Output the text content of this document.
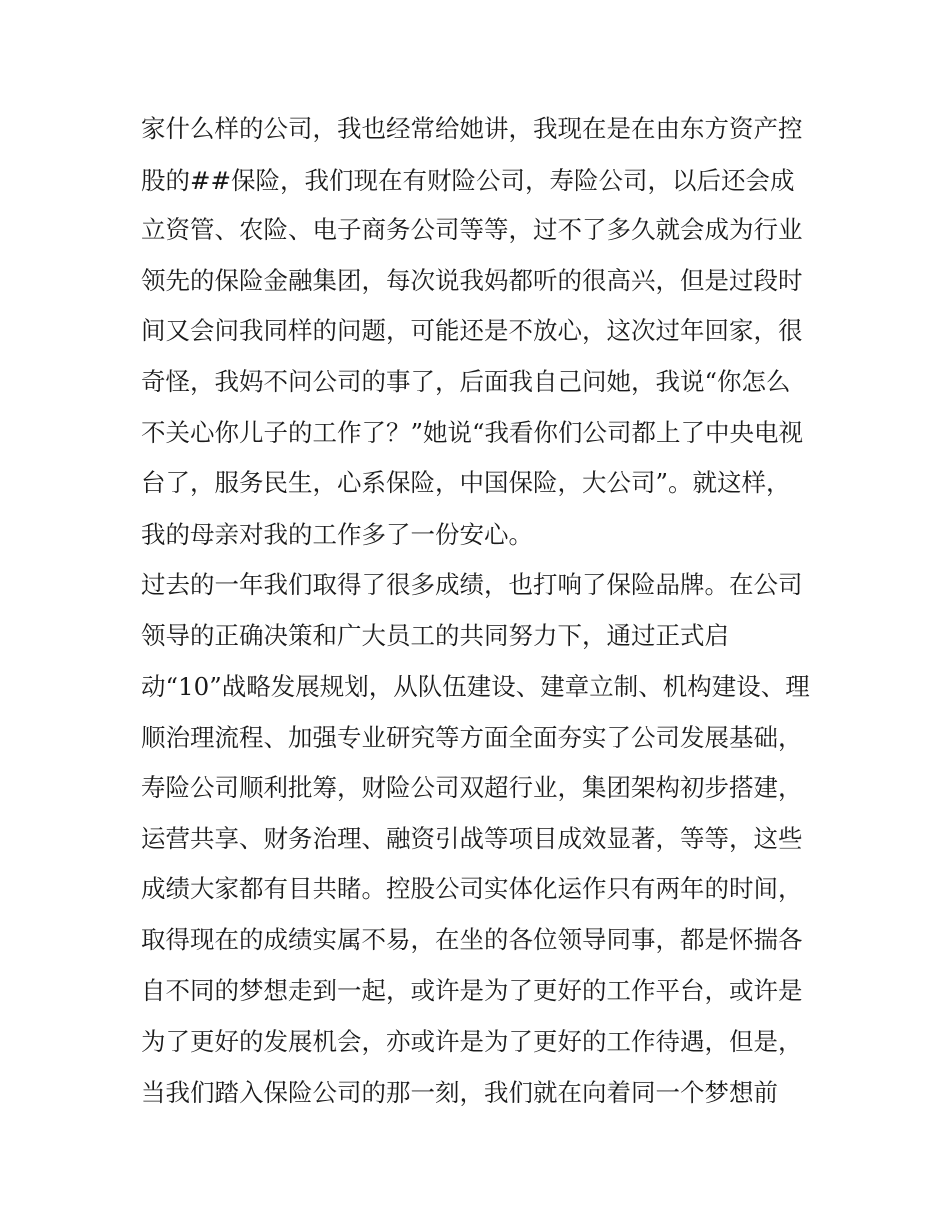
家什么样的公司，我也经常给她讲，我现在是在由东方资产控
股的##保险，我们现在有财险公司，寿险公司，以后还会成
立资管、农险、电子商务公司等等，过不了多久就会成为行业
领先的保险金融集团，每次说我妈都听的很高兴，但是过段时
间又会问我同样的问题，可能还是不放心，这次过年回家，很
奇怪，我妈不问公司的事了，后面我自己问她，我说“你怎么
不关心你儿子的工作了？”她说“我看你们公司都上了中央电视
台了，服务民生，心系保险，中国保险，大公司”。就这样，
我的母亲对我的工作多了一份安心。
过去的一年我们取得了很多成绩，也打响了保险品牌。在公司
领导的正确决策和广大员工的共同努力下，通过正式启
动“10”战略发展规划，从队伍建设、建章立制、机构建设、理
顺治理流程、加强专业研究等方面全面夯实了公司发展基础，
寿险公司顺利批筹，财险公司双超行业，集团架构初步搭建，
运营共享、财务治理、融资引战等项目成效显著，等等，这些
成绩大家都有目共睹。控股公司实体化运作只有两年的时间，
取得现在的成绩实属不易，在坐的各位领导同事，都是怀揣各
自不同的梦想走到一起，或许是为了更好的工作平台，或许是
为了更好的发展机会，亦或许是为了更好的工作待遇，但是，
当我们踏入保险公司的那一刻，我们就在向着同一个梦想前
